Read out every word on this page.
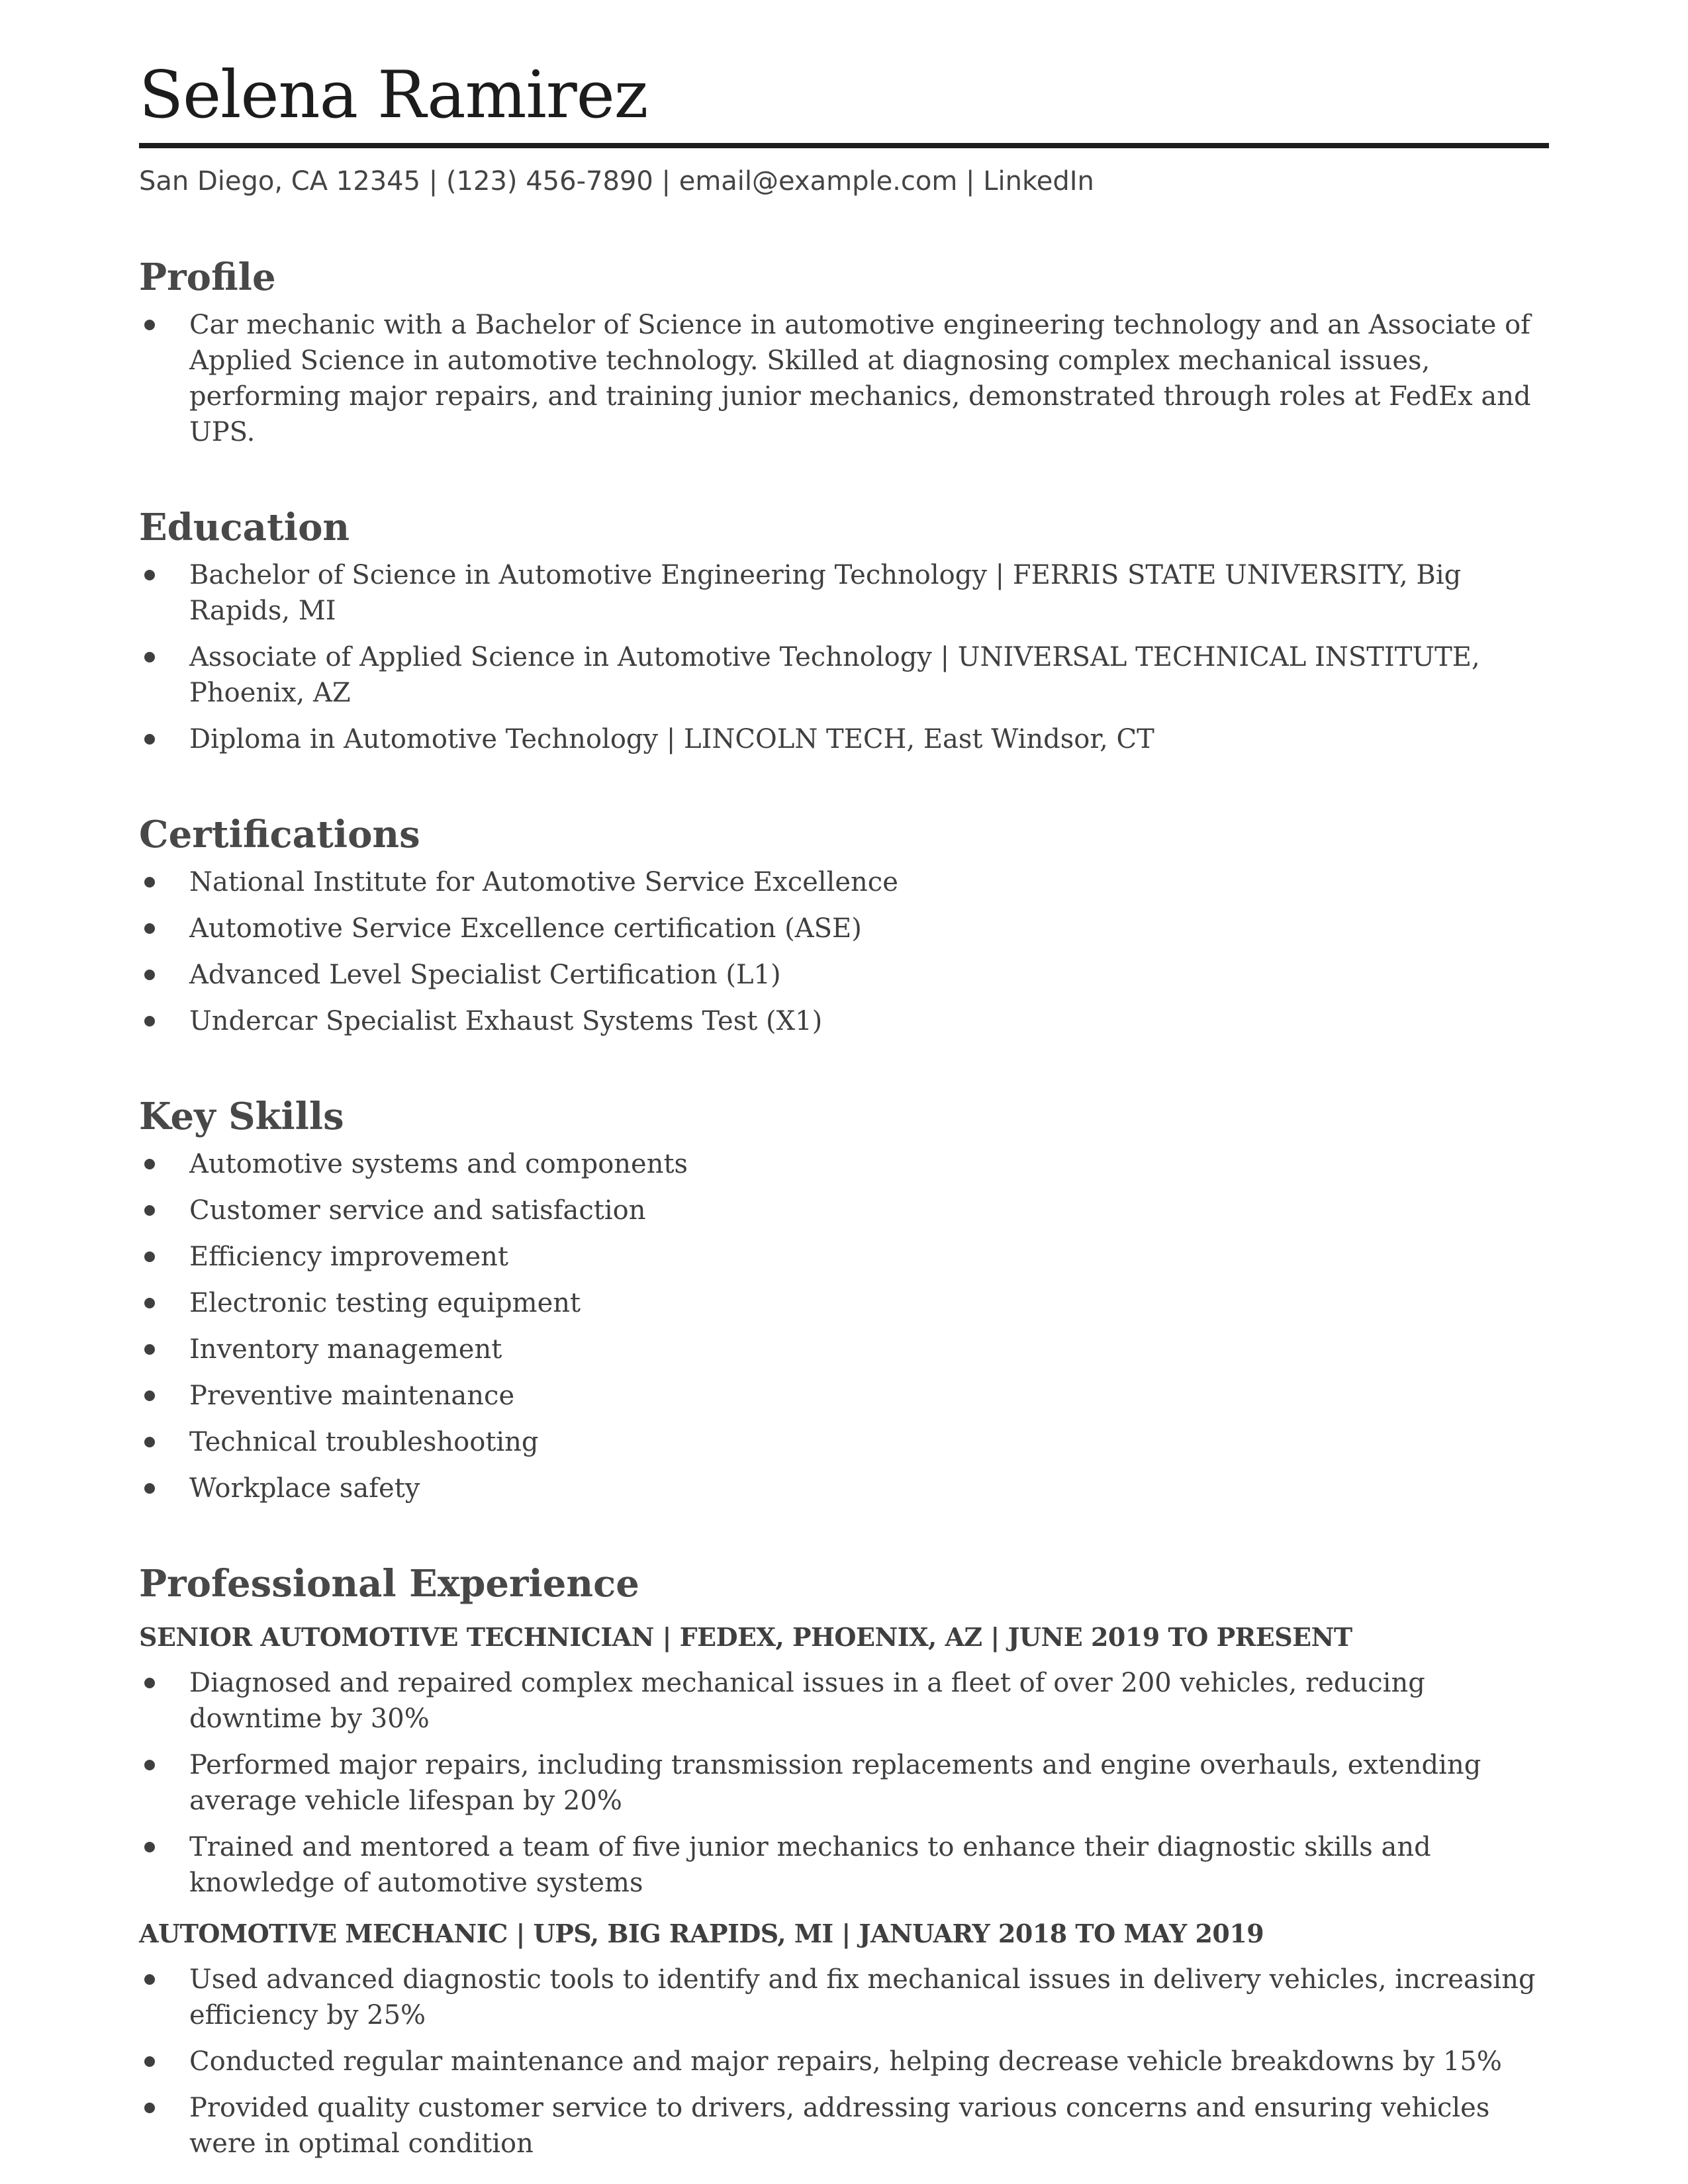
Selena Ramirez
San Diego, CA 12345 | (123) 456-7890 | email@example.com | LinkedIn
Profile
Car mechanic with a Bachelor of Science in automotive engineering technology and an Associate of Applied Science in automotive technology. Skilled at diagnosing complex mechanical issues, performing major repairs, and training junior mechanics, demonstrated through roles at FedEx and UPS.
Education
Bachelor of Science in Automotive Engineering Technology | FERRIS STATE UNIVERSITY, Big Rapids, MI
Associate of Applied Science in Automotive Technology | UNIVERSAL TECHNICAL INSTITUTE, Phoenix, AZ
Diploma in Automotive Technology | LINCOLN TECH, East Windsor, CT
Certifications
National Institute for Automotive Service Excellence
Automotive Service Excellence certification (ASE)
Advanced Level Specialist Certification (L1)
Undercar Specialist Exhaust Systems Test (X1)
Key Skills
Automotive systems and components
Customer service and satisfaction
Efficiency improvement
Electronic testing equipment
Inventory management
Preventive maintenance
Technical troubleshooting
Workplace safety
Professional Experience
SENIOR AUTOMOTIVE TECHNICIAN | FEDEX, PHOENIX, AZ | JUNE 2019 TO PRESENT
Diagnosed and repaired complex mechanical issues in a fleet of over 200 vehicles, reducing downtime by 30%
Performed major repairs, including transmission replacements and engine overhauls, extending average vehicle lifespan by 20%
Trained and mentored a team of five junior mechanics to enhance their diagnostic skills and knowledge of automotive systems
AUTOMOTIVE MECHANIC | UPS, BIG RAPIDS, MI | JANUARY 2018 TO MAY 2019
Used advanced diagnostic tools to identify and fix mechanical issues in delivery vehicles, increasing efficiency by 25%
Conducted regular maintenance and major repairs, helping decrease vehicle breakdowns by 15%
Provided quality customer service to drivers, addressing various concerns and ensuring vehicles were in optimal condition
